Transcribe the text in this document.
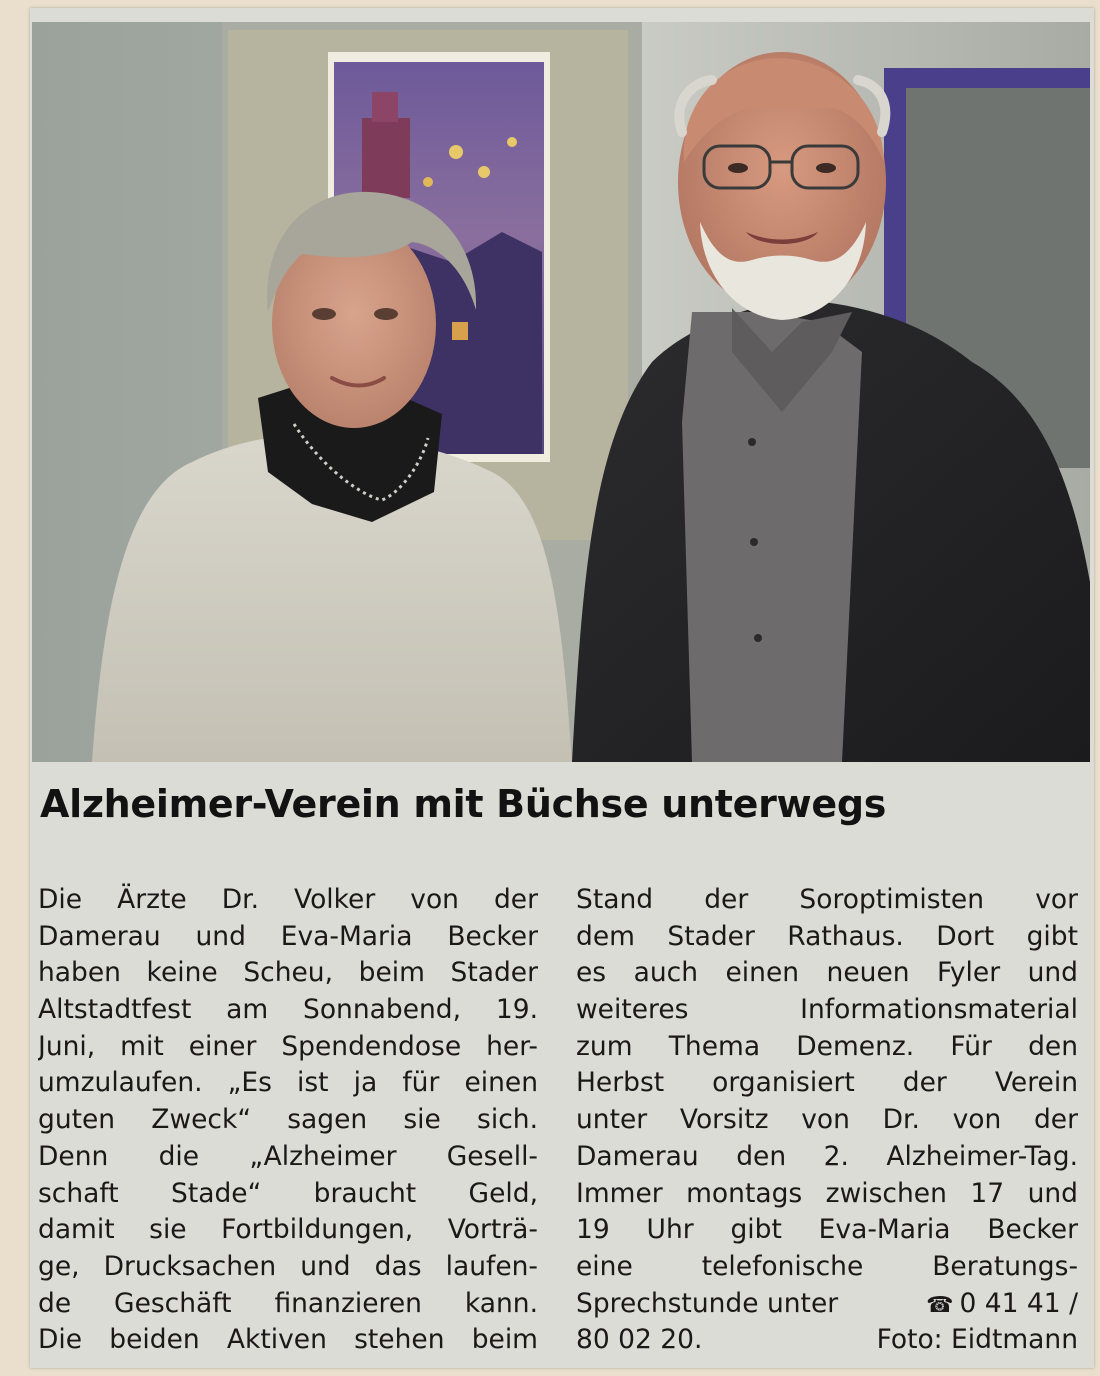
Alzheimer-Verein mit Büchse unterwegs
Die Ärzte Dr. Volker von der
Damerau und Eva-Maria Becker
haben keine Scheu, beim Stader
Altstadtfest am Sonnabend, 19.
Juni, mit einer Spendendose her-
umzulaufen. „Es ist ja für einen
guten Zweck“ sagen sie sich.
Denn die „Alzheimer Gesell-
schaft Stade“ braucht Geld,
damit sie Fortbildungen, Vorträ-
ge, Drucksachen und das laufen-
de Geschäft finanzieren kann.
Die beiden Aktiven stehen beim
Stand der Soroptimisten vor
dem Stader Rathaus. Dort gibt
es auch einen neuen Fyler und
weiteres Informationsmaterial
zum Thema Demenz. Für den
Herbst organisiert der Verein
unter Vorsitz von Dr. von der
Damerau den 2. Alzheimer-Tag.
Immer montags zwischen 17 und
19 Uhr gibt Eva-Maria Becker
eine telefonische Beratungs-
Sprechstunde unter	☎ 0 41 41 /
80 02 20.	Foto: Eidtmann
